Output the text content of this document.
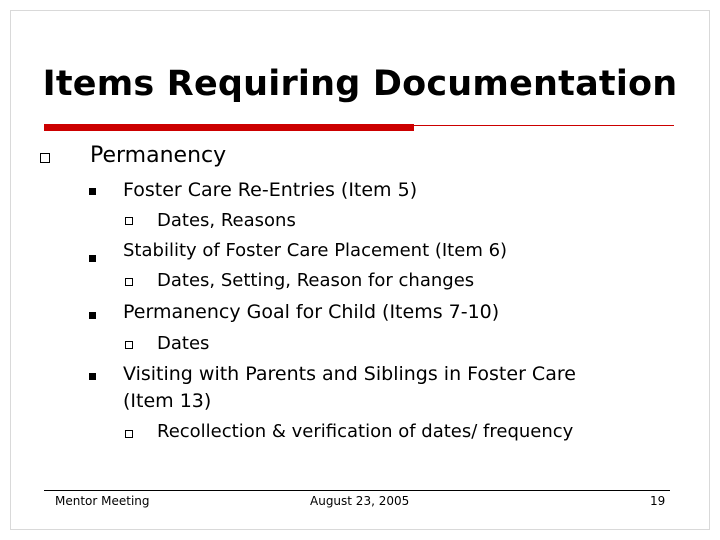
Items Requiring Documentation
Permanency
Foster Care Re-Entries (Item 5)
Dates, Reasons
Stability of Foster Care Placement (Item 6)
Dates, Setting, Reason for changes
Permanency Goal for Child (Items 7-10)
Dates
Visiting with Parents and Siblings in Foster Care
(Item 13)
Recollection & verification of dates/ frequency
Mentor Meeting	August 23, 2005	19
